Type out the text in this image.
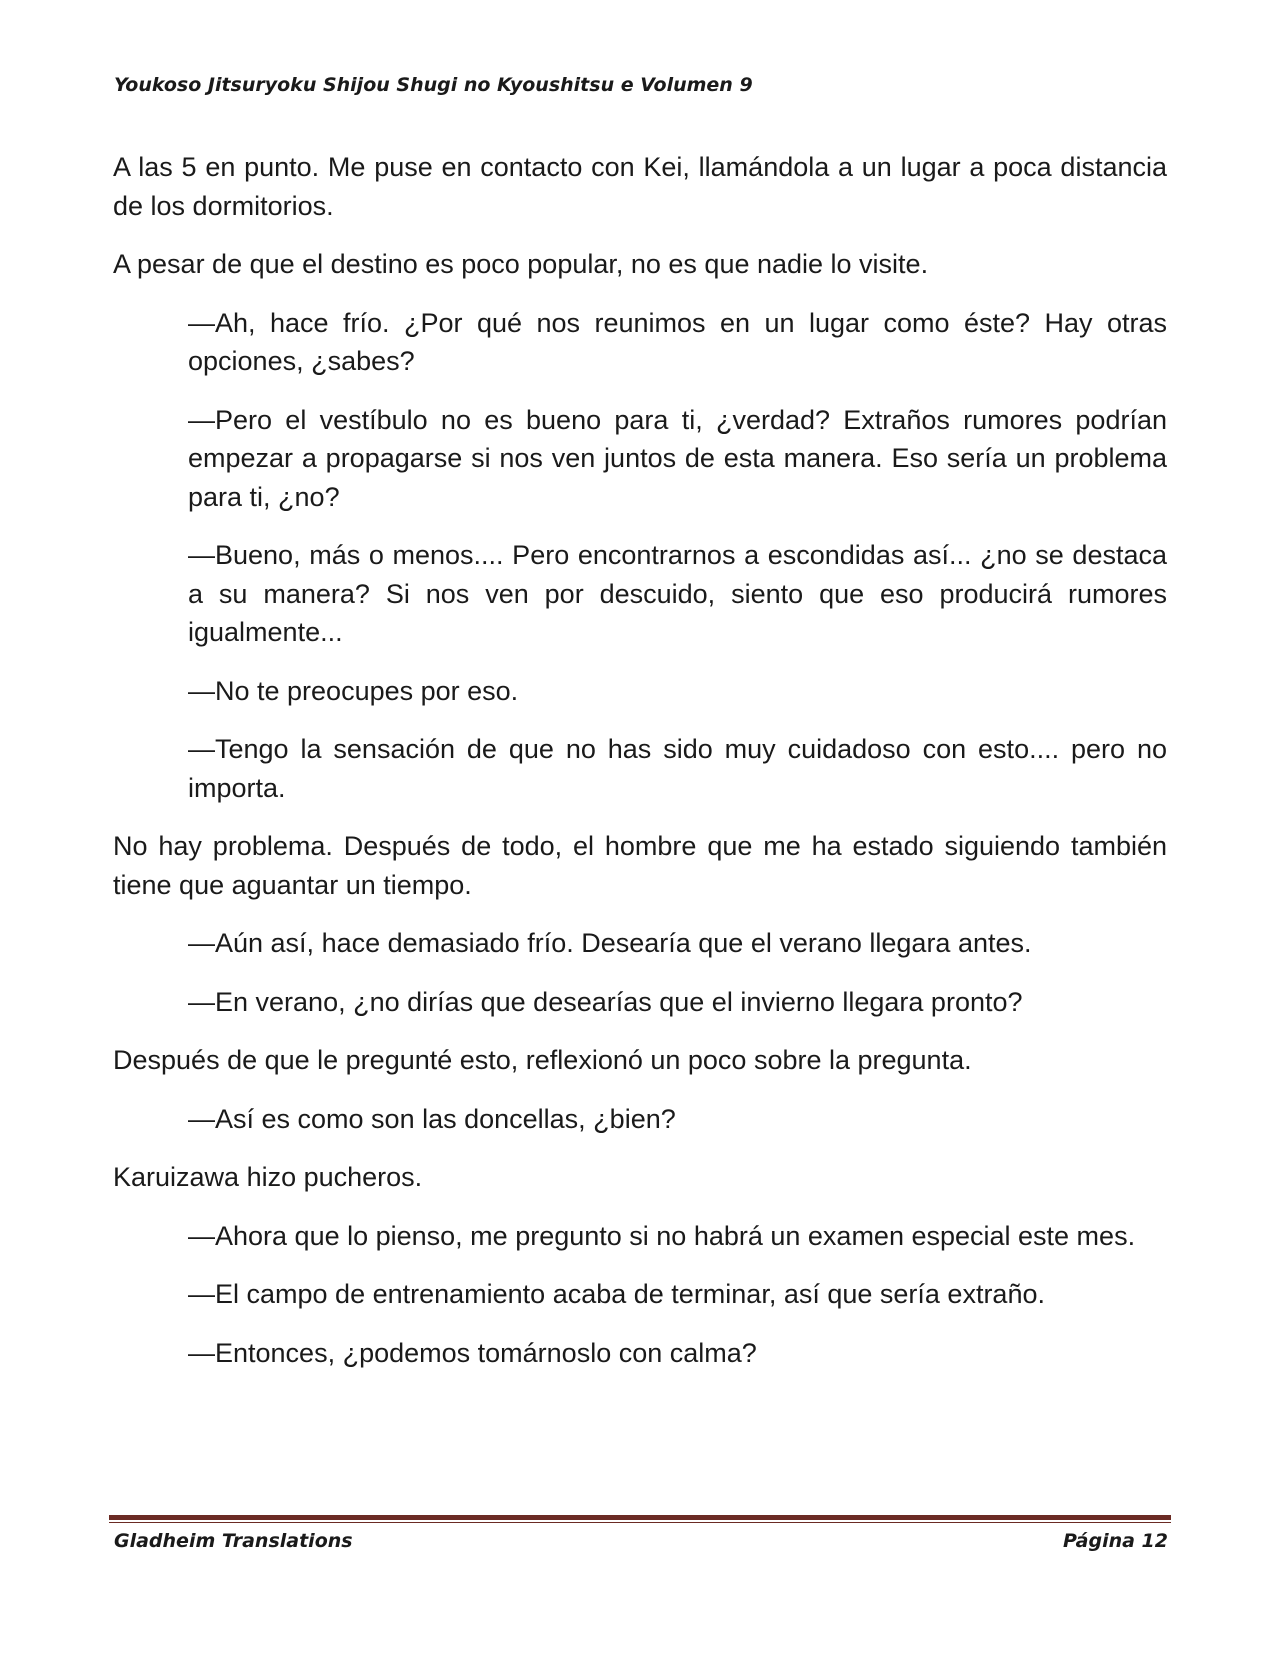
Youkoso Jitsuryoku Shijou Shugi no Kyoushitsu e Volumen 9

A las 5 en punto. Me puse en contacto con Kei, llamándola a un lugar a poca distancia de los dormitorios.

A pesar de que el destino es poco popular, no es que nadie lo visite.

—Ah, hace frío. ¿Por qué nos reunimos en un lugar como éste? Hay otras opciones, ¿sabes?

—Pero el vestíbulo no es bueno para ti, ¿verdad? Extraños rumores podrían empezar a propagarse si nos ven juntos de esta manera. Eso sería un problema para ti, ¿no?

—Bueno, más o menos.... Pero encontrarnos a escondidas así... ¿no se destaca a su manera? Si nos ven por descuido, siento que eso producirá rumores igualmente...

—No te preocupes por eso.

—Tengo la sensación de que no has sido muy cuidadoso con esto.... pero no importa.

No hay problema. Después de todo, el hombre que me ha estado siguiendo también tiene que aguantar un tiempo.

—Aún así, hace demasiado frío. Desearía que el verano llegara antes.

—En verano, ¿no dirías que desearías que el invierno llegara pronto?

Después de que le pregunté esto, reflexionó un poco sobre la pregunta.

—Así es como son las doncellas, ¿bien?

Karuizawa hizo pucheros.

—Ahora que lo pienso, me pregunto si no habrá un examen especial este mes.

—El campo de entrenamiento acaba de terminar, así que sería extraño.

—Entonces, ¿podemos tomárnoslo con calma?

Gladheim Translations	Página 12
